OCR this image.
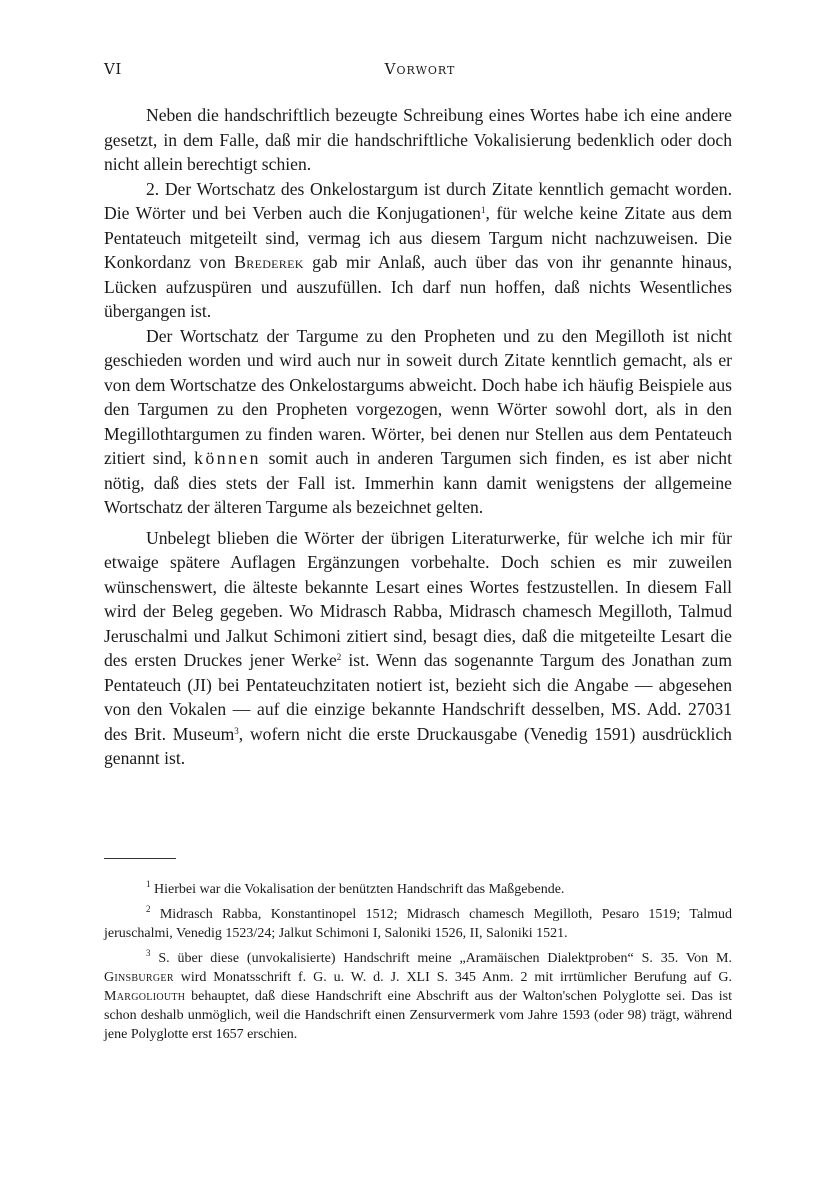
VI	Vorwort

Neben die handschriftlich bezeugte Schreibung eines Wortes habe ich eine andere gesetzt, in dem Falle, daß mir die handschriftliche Vokalisierung bedenklich oder doch nicht allein berechtigt schien.

2. Der Wortschatz des Onkelostargum ist durch Zitate kenntlich gemacht worden. Die Wörter und bei Verben auch die Konjugationen$^1$, für welche keine Zitate aus dem Pentateuch mitgeteilt sind, vermag ich aus diesem Targum nicht nachzuweisen. Die Konkordanz von Brederek gab mir Anlaß, auch über das von ihr genannte hinaus, Lücken aufzuspüren und auszufüllen. Ich darf nun hoffen, daß nichts Wesentliches übergangen ist.

Der Wortschatz der Targume zu den Propheten und zu den Megilloth ist nicht geschieden worden und wird auch nur in soweit durch Zitate kenntlich gemacht, als er von dem Wortschatze des Onkelostargums abweicht. Doch habe ich häufig Beispiele aus den Targumen zu den Propheten vorgezogen, wenn Wörter sowohl dort, als in den Megillothtargumen zu finden waren. Wörter, bei denen nur Stellen aus dem Pentateuch zitiert sind, können somit auch in anderen Targumen sich finden, es ist aber nicht nötig, daß dies stets der Fall ist. Immerhin kann damit wenigstens der allgemeine Wortschatz der älteren Targume als bezeichnet gelten.

Unbelegt blieben die Wörter der übrigen Literaturwerke, für welche ich mir für etwaige spätere Auflagen Ergänzungen vorbehalte. Doch schien es mir zuweilen wünschenswert, die älteste bekannte Lesart eines Wortes festzustellen. In diesem Fall wird der Beleg gegeben. Wo Midrasch Rabba, Midrasch chamesch Megilloth, Talmud Jeruschalmi und Jalkut Schimoni zitiert sind, besagt dies, daß die mitgeteilte Lesart die des ersten Druckes jener Werke$^2$ ist. Wenn das sogenannte Targum des Jonathan zum Pentateuch (JI) bei Pentateuchzitaten notiert ist, bezieht sich die Angabe — abgesehen von den Vokalen — auf die einzige bekannte Handschrift desselben, MS. Add. 27031 des Brit. Museum$^3$, wofern nicht die erste Druckausgabe (Venedig 1591) ausdrücklich genannt ist.

$^1$ Hierbei war die Vokalisation der benützten Handschrift das Maßgebende.

$^2$ Midrasch Rabba, Konstantinopel 1512; Midrasch chamesch Megilloth, Pesaro 1519; Talmud jeruschalmi, Venedig 1523/24; Jalkut Schimoni I, Saloniki 1526, II, Saloniki 1521.

$^3$ S. über diese (unvokalisierte) Handschrift meine „Aramäischen Dialektproben“ S. 35. Von M. Ginsburger wird Monatsschrift f. G. u. W. d. J. XLI S. 345 Anm. 2 mit irrtümlicher Berufung auf G. Margoliouth behauptet, daß diese Handschrift eine Abschrift aus der Walton'schen Polyglotte sei. Das ist schon deshalb unmöglich, weil die Handschrift einen Zensurvermerk vom Jahre 1593 (oder 98) trägt, während jene Polyglotte erst 1657 erschien.
